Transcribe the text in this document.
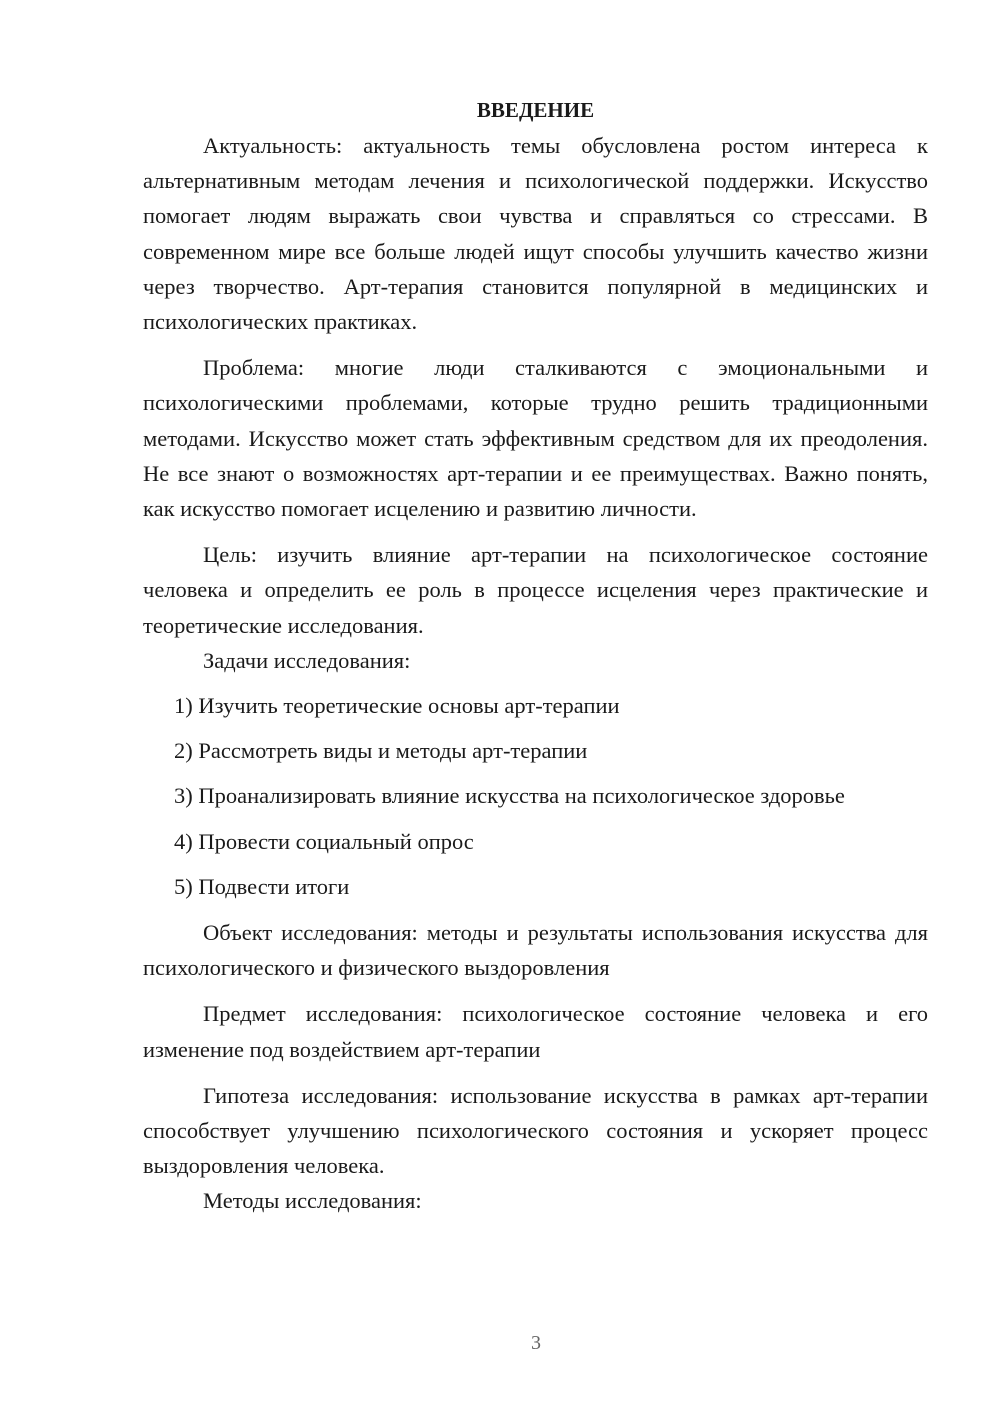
ВВЕДЕНИЕ

Актуальность: актуальность темы обусловлена ростом интереса к альтернативным методам лечения и психологической поддержки. Искусство помогает людям выражать свои чувства и справляться со стрессами. В современном мире все больше людей ищут способы улучшить качество жизни через творчество. Арт-терапия становится популярной в медицинских и психологических практиках.

Проблема: многие люди сталкиваются с эмоциональными и психологическими проблемами, которые трудно решить традиционными методами. Искусство может стать эффективным средством для их преодоления. Не все знают о возможностях арт-терапии и ее преимуществах. Важно понять, как искусство помогает исцелению и развитию личности.

Цель: изучить влияние арт-терапии на психологическое состояние человека и определить ее роль в процессе исцеления через практические и теоретические исследования.

Задачи исследования:

1) Изучить теоретические основы арт-терапии

2) Рассмотреть виды и методы арт-терапии

3) Проанализировать влияние искусства на психологическое здоровье

4) Провести социальный опрос

5) Подвести итоги

Объект исследования: методы и результаты использования искусства для психологического и физического выздоровления

Предмет исследования: психологическое состояние человека и его изменение под воздействием арт-терапии

Гипотеза исследования: использование искусства в рамках арт-терапии способствует улучшению психологического состояния и ускоряет процесс выздоровления человека.

Методы исследования:

3
